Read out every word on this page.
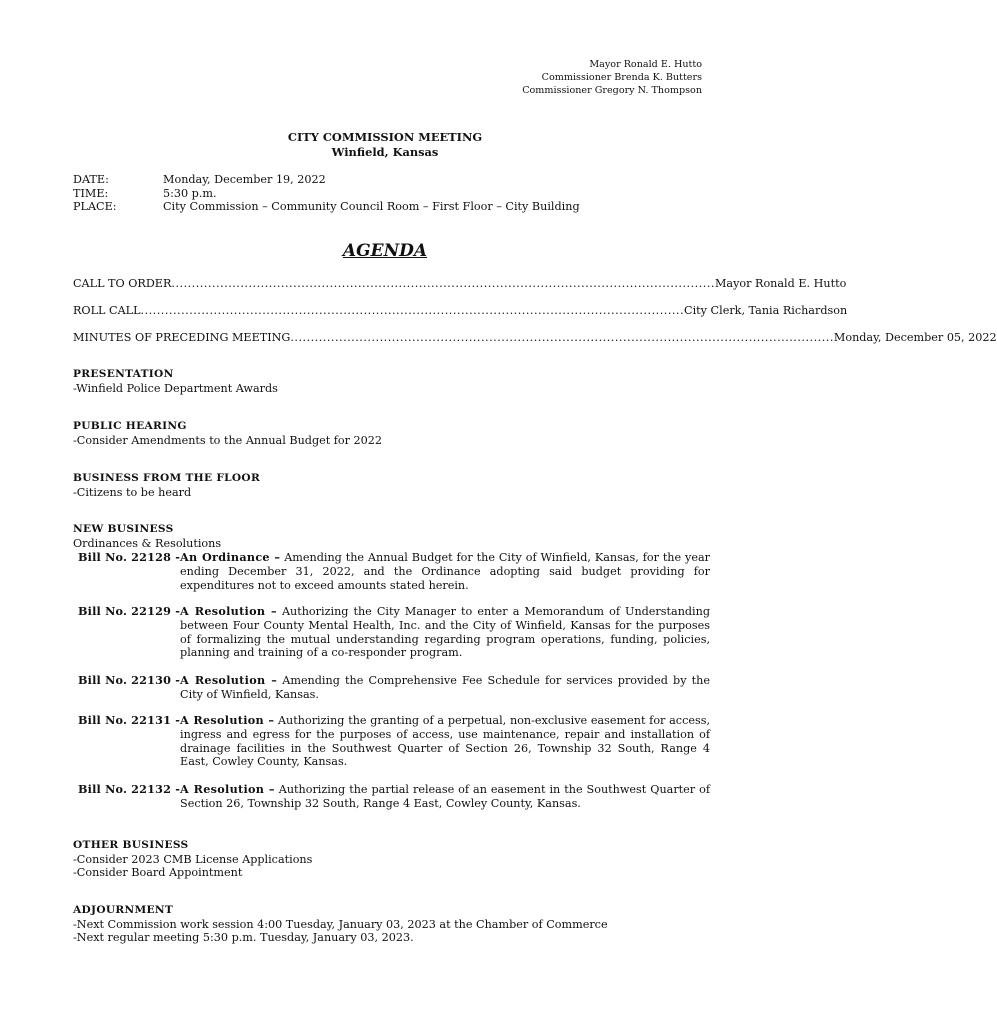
Mayor Ronald E. Hutto
Commissioner Brenda K. Butters
Commissioner Gregory N. Thompson
CITY COMMISSION MEETING
Winfield, Kansas
DATE:	Monday, December 19, 2022
TIME:	5:30 p.m.
PLACE:	City Commission – Community Council Room – First Floor – City Building
AGENDA
CALL TO ORDER ...................................................................................................................................... Mayor Ronald E. Hutto
ROLL CALL ...................................................................................................................................... City Clerk, Tania Richardson
MINUTES OF PRECEDING MEETING ...................................................................................................................................... Monday, December 05, 2022
PRESENTATION
-Winfield Police Department Awards
PUBLIC HEARING
-Consider Amendments to the Annual Budget for 2022
BUSINESS FROM THE FLOOR
-Citizens to be heard
NEW BUSINESS
Ordinances & Resolutions
Bill No. 22128 - An Ordinance – Amending the Annual Budget for the City of Winfield, Kansas, for the year ending December 31, 2022, and the Ordinance adopting said budget providing for expenditures not to exceed amounts stated herein.
Bill No. 22129 - A Resolution – Authorizing the City Manager to enter a Memorandum of Understanding between Four County Mental Health, Inc. and the City of Winfield, Kansas for the purposes of formalizing the mutual understanding regarding program operations, funding, policies, planning and training of a co-responder program.
Bill No. 22130 - A Resolution – Amending the Comprehensive Fee Schedule for services provided by the City of Winfield, Kansas.
Bill No. 22131 - A Resolution – Authorizing the granting of a perpetual, non-exclusive easement for access, ingress and egress for the purposes of access, use maintenance, repair and installation of drainage facilities in the Southwest Quarter of Section 26, Township 32 South, Range 4 East, Cowley County, Kansas.
Bill No. 22132 - A Resolution – Authorizing the partial release of an easement in the Southwest Quarter of Section 26, Township 32 South, Range 4 East, Cowley County, Kansas.
OTHER BUSINESS
-Consider 2023 CMB License Applications
-Consider Board Appointment
ADJOURNMENT
-Next Commission work session 4:00 Tuesday, January 03, 2023 at the Chamber of Commerce
-Next regular meeting 5:30 p.m. Tuesday, January 03, 2023.
